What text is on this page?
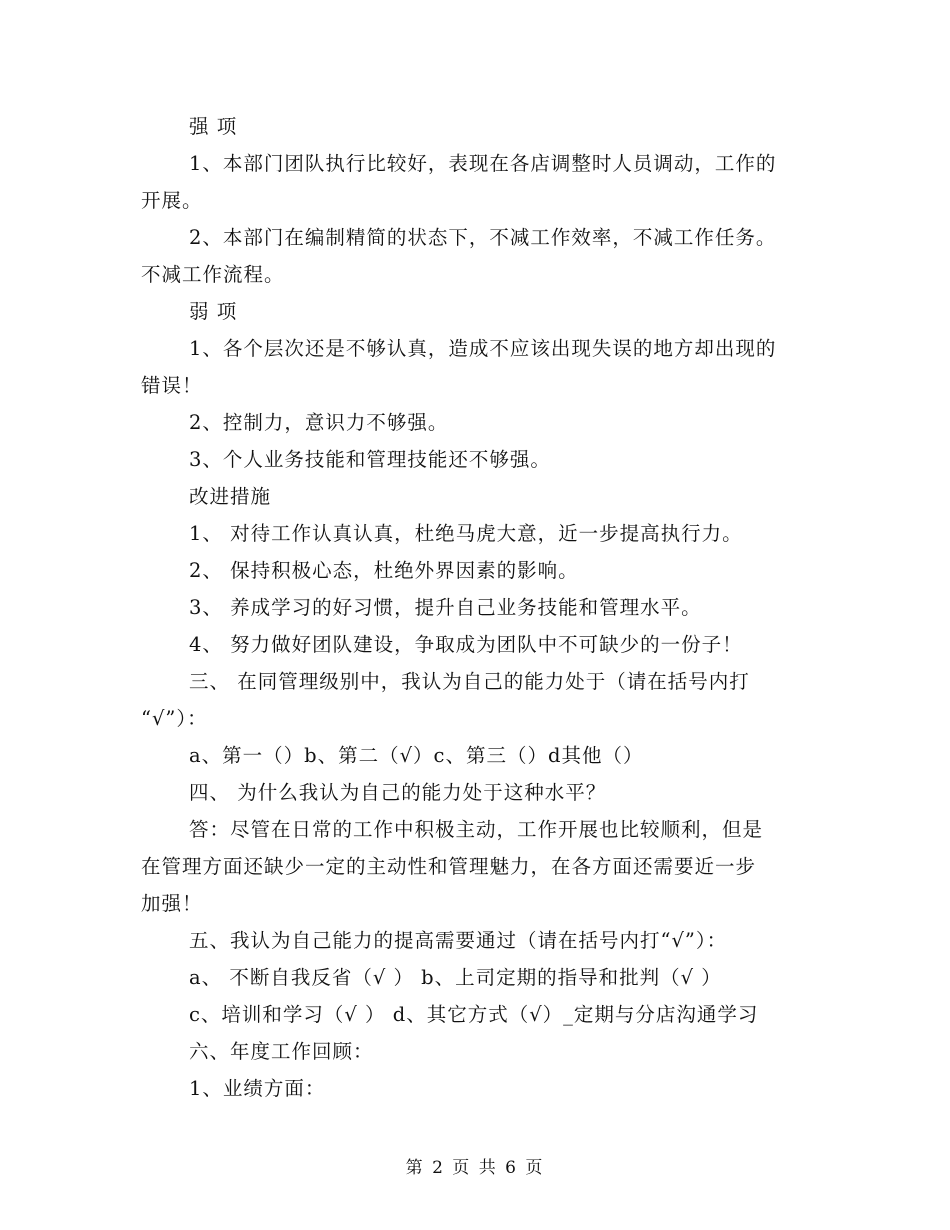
强 项
1、本部门团队执行比较好，表现在各店调整时人员调动，工作的
开展。
2、本部门在编制精简的状态下，不减工作效率，不减工作任务。
不减工作流程。
弱 项
1、各个层次还是不够认真，造成不应该出现失误的地方却出现的
错误！
2、控制力，意识力不够强。
3、个人业务技能和管理技能还不够强。
改进措施
1、 对待工作认真认真，杜绝马虎大意，近一步提高执行力。
2、 保持积极心态，杜绝外界因素的影响。
3、 养成学习的好习惯，提升自己业务技能和管理水平。
4、 努力做好团队建设，争取成为团队中不可缺少的一份子！
三、 在同管理级别中，我认为自己的能力处于（请在括号内打
“√”）：
a、第一（）b、第二（√）c、第三（）d其他（）
四、 为什么我认为自己的能力处于这种水平？
答：尽管在日常的工作中积极主动，工作开展也比较顺利，但是
在管理方面还缺少一定的主动性和管理魅力，在各方面还需要近一步
加强！
五、我认为自己能力的提高需要通过（请在括号内打“√”）：
a、 不断自我反省（√ ） b、上司定期的指导和批判（√ ）
c、培训和学习（√ ） d、其它方式（√）_定期与分店沟通学习
六、年度工作回顾：
1、业绩方面：
第 2 页 共 6 页
